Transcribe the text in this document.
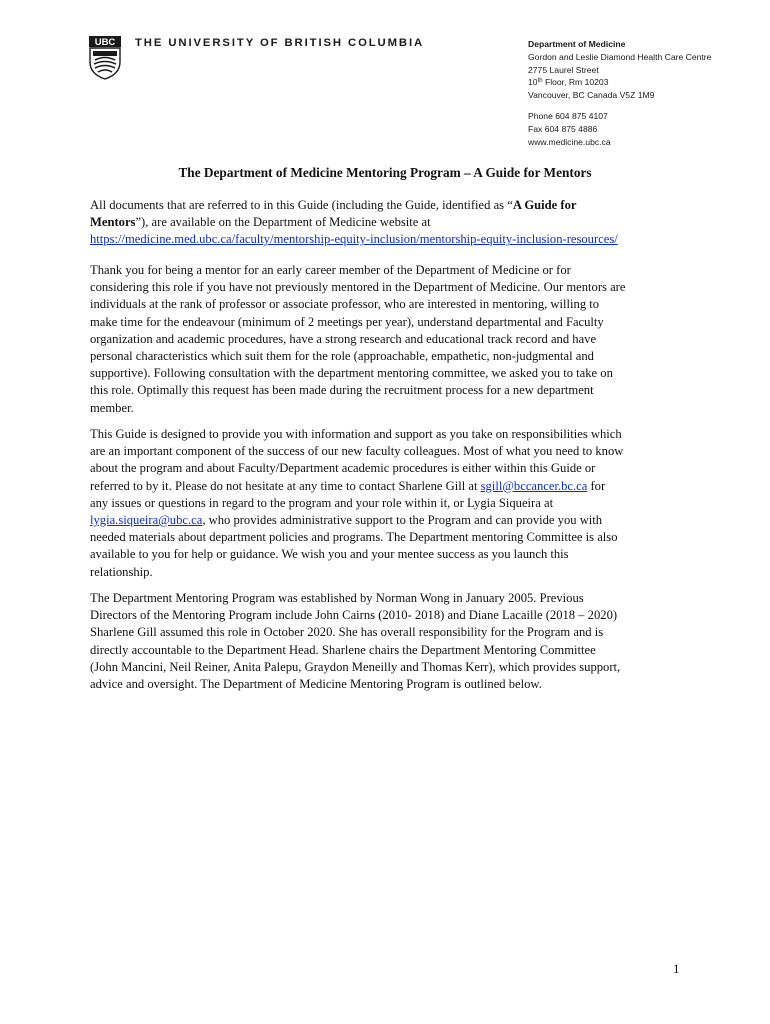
UBC THE UNIVERSITY OF BRITISH COLUMBIA	Department of Medicine
Gordon and Leslie Diamond Health Care Centre
2775 Laurel Street
10th Floor, Rm 10203
Vancouver, BC Canada V5Z 1M9
Phone 604 875 4107
Fax 604 875 4886
www.medicine.ubc.ca
The Department of Medicine Mentoring Program – A Guide for Mentors
All documents that are referred to in this Guide (including the Guide, identified as “A Guide for
Mentors”), are available on the Department of Medicine website at
https://medicine.med.ubc.ca/faculty/mentorship-equity-inclusion/mentorship-equity-inclusion-resources/
Thank you for being a mentor for an early career member of the Department of Medicine or for
considering this role if you have not previously mentored in the Department of Medicine. Our mentors are
individuals at the rank of professor or associate professor, who are interested in mentoring, willing to
make time for the endeavour (minimum of 2 meetings per year), understand departmental and Faculty
organization and academic procedures, have a strong research and educational track record and have
personal characteristics which suit them for the role (approachable, empathetic, non-judgmental and
supportive). Following consultation with the department mentoring committee, we asked you to take on
this role. Optimally this request has been made during the recruitment process for a new department
member.
This Guide is designed to provide you with information and support as you take on responsibilities which
are an important component of the success of our new faculty colleagues. Most of what you need to know
about the program and about Faculty/Department academic procedures is either within this Guide or
referred to by it. Please do not hesitate at any time to contact Sharlene Gill at sgill@bccancer.bc.ca for
any issues or questions in regard to the program and your role within it, or Lygia Siqueira at
lygia.siqueira@ubc.ca, who provides administrative support to the Program and can provide you with
needed materials about department policies and programs. The Department mentoring Committee is also
available to you for help or guidance. We wish you and your mentee success as you launch this
relationship.
The Department Mentoring Program was established by Norman Wong in January 2005. Previous
Directors of the Mentoring Program include John Cairns (2010- 2018) and Diane Lacaille (2018 – 2020)
Sharlene Gill assumed this role in October 2020. She has overall responsibility for the Program and is
directly accountable to the Department Head. Sharlene chairs the Department Mentoring Committee
(John Mancini, Neil Reiner, Anita Palepu, Graydon Meneilly and Thomas Kerr), which provides support,
advice and oversight. The Department of Medicine Mentoring Program is outlined below.
1
